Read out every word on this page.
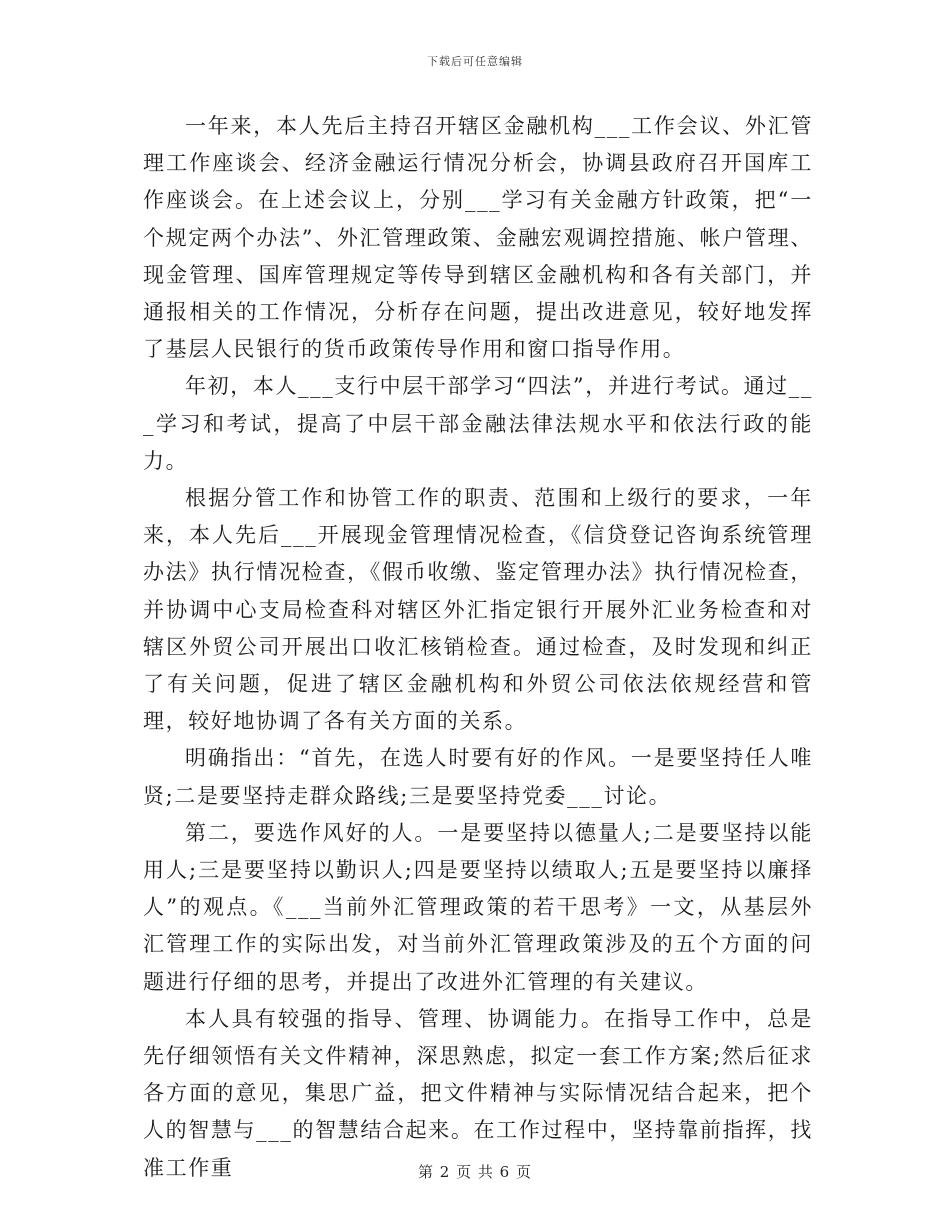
下载后可任意编辑

一年来，本人先后主持召开辖区金融机构___工作会议、外汇管理工作座谈会、经济金融运行情况分析会，协调县政府召开国库工作座谈会。在上述会议上，分别___学习有关金融方针政策，把“一个规定两个办法”、外汇管理政策、金融宏观调控措施、帐户管理、现金管理、国库管理规定等传导到辖区金融机构和各有关部门，并通报相关的工作情况，分析存在问题，提出改进意见，较好地发挥了基层人民银行的货币政策传导作用和窗口指导作用。

年初，本人___支行中层干部学习“四法”，并进行考试。通过___学习和考试，提高了中层干部金融法律法规水平和依法行政的能力。

根据分管工作和协管工作的职责、范围和上级行的要求，一年来，本人先后___开展现金管理情况检查，《信贷登记咨询系统管理办法》执行情况检查，《假币收缴、鉴定管理办法》执行情况检查，并协调中心支局检查科对辖区外汇指定银行开展外汇业务检查和对辖区外贸公司开展出口收汇核销检查。通过检查，及时发现和纠正了有关问题，促进了辖区金融机构和外贸公司依法依规经营和管理，较好地协调了各有关方面的关系。

明确指出：“首先，在选人时要有好的作风。一是要坚持任人唯贤;二是要坚持走群众路线;三是要坚持党委___讨论。

第二，要选作风好的人。一是要坚持以德量人;二是要坚持以能用人;三是要坚持以勤识人;四是要坚持以绩取人;五是要坚持以廉择人”的观点。《___当前外汇管理政策的若干思考》一文，从基层外汇管理工作的实际出发，对当前外汇管理政策涉及的五个方面的问题进行仔细的思考，并提出了改进外汇管理的有关建议。

本人具有较强的指导、管理、协调能力。在指导工作中，总是先仔细领悟有关文件精神，深思熟虑，拟定一套工作方案;然后征求各方面的意见，集思广益，把文件精神与实际情况结合起来，把个人的智慧与___的智慧结合起来。在工作过程中，坚持靠前指挥，找准工作重	第 2 页 共 6 页
